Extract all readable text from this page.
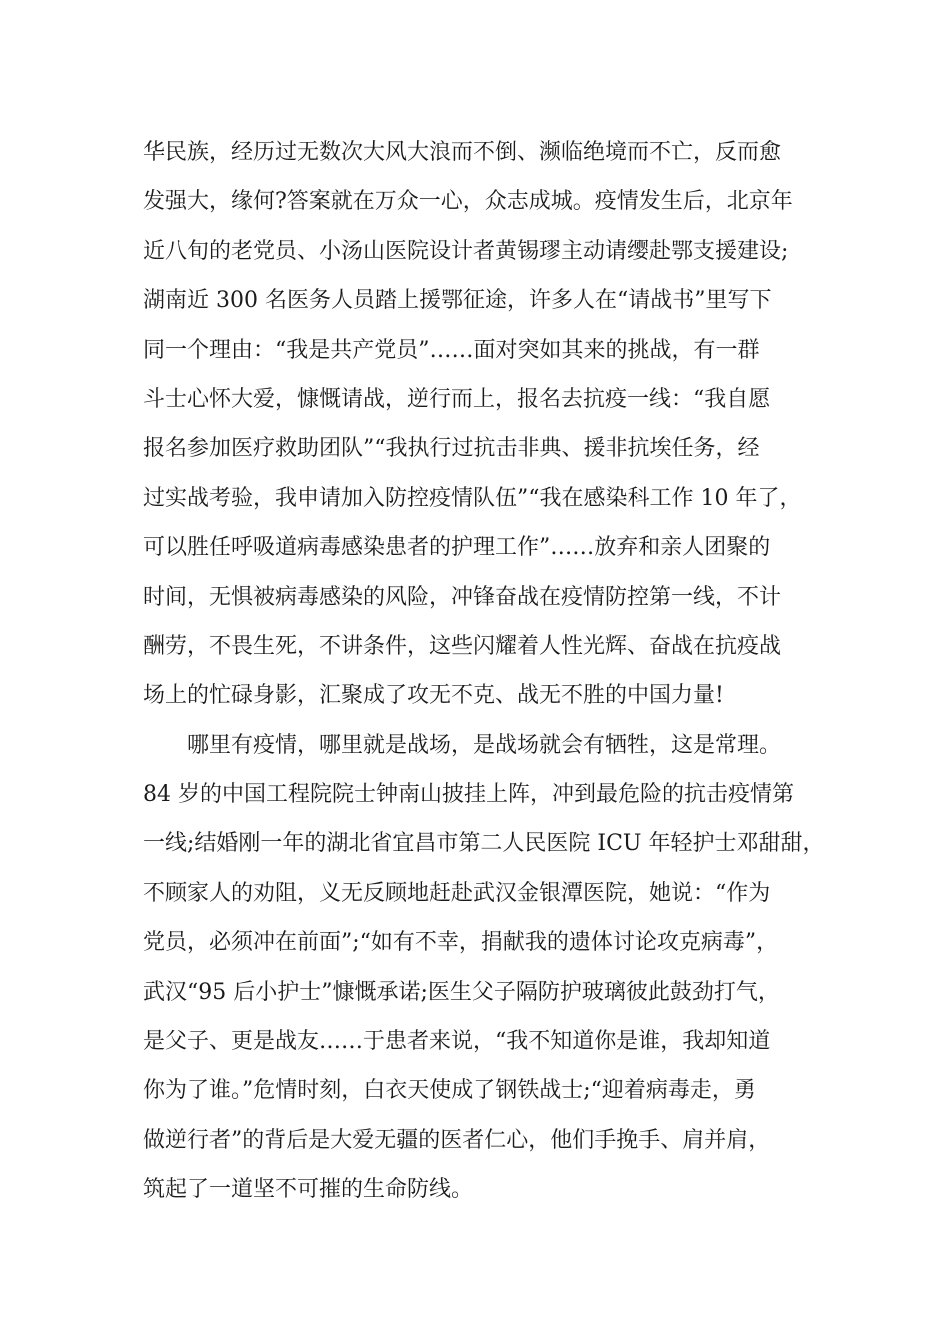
华民族，经历过无数次大风大浪而不倒、濒临绝境而不亡，反而愈
发强大，缘何?答案就在万众一心，众志成城。疫情发生后，北京年
近八旬的老党员、小汤山医院设计者黄锡璆主动请缨赴鄂支援建设;
湖南近 300 名医务人员踏上援鄂征途，许多人在“请战书”里写下
同一个理由：“我是共产党员”……面对突如其来的挑战，有一群
斗士心怀大爱，慷慨请战，逆行而上，报名去抗疫一线：“我自愿
报名参加医疗救助团队”“我执行过抗击非典、援非抗埃任务，经
过实战考验，我申请加入防控疫情队伍”“我在感染科工作 10 年了，
可以胜任呼吸道病毒感染患者的护理工作”……放弃和亲人团聚的
时间，无惧被病毒感染的风险，冲锋奋战在疫情防控第一线，不计
酬劳，不畏生死，不讲条件，这些闪耀着人性光辉、奋战在抗疫战
场上的忙碌身影，汇聚成了攻无不克、战无不胜的中国力量!
　　哪里有疫情，哪里就是战场，是战场就会有牺牲，这是常理。
84 岁的中国工程院院士钟南山披挂上阵，冲到最危险的抗击疫情第
一线;结婚刚一年的湖北省宜昌市第二人民医院 ICU 年轻护士邓甜甜，
不顾家人的劝阻，义无反顾地赶赴武汉金银潭医院，她说：“作为
党员，必须冲在前面”;“如有不幸，捐献我的遗体讨论攻克病毒”，
武汉“95 后小护士”慷慨承诺;医生父子隔防护玻璃彼此鼓劲打气，
是父子、更是战友……于患者来说，“我不知道你是谁，我却知道
你为了谁。”危情时刻，白衣天使成了钢铁战士;“迎着病毒走，勇
做逆行者”的背后是大爱无疆的医者仁心，他们手挽手、肩并肩，
筑起了一道坚不可摧的生命防线。
